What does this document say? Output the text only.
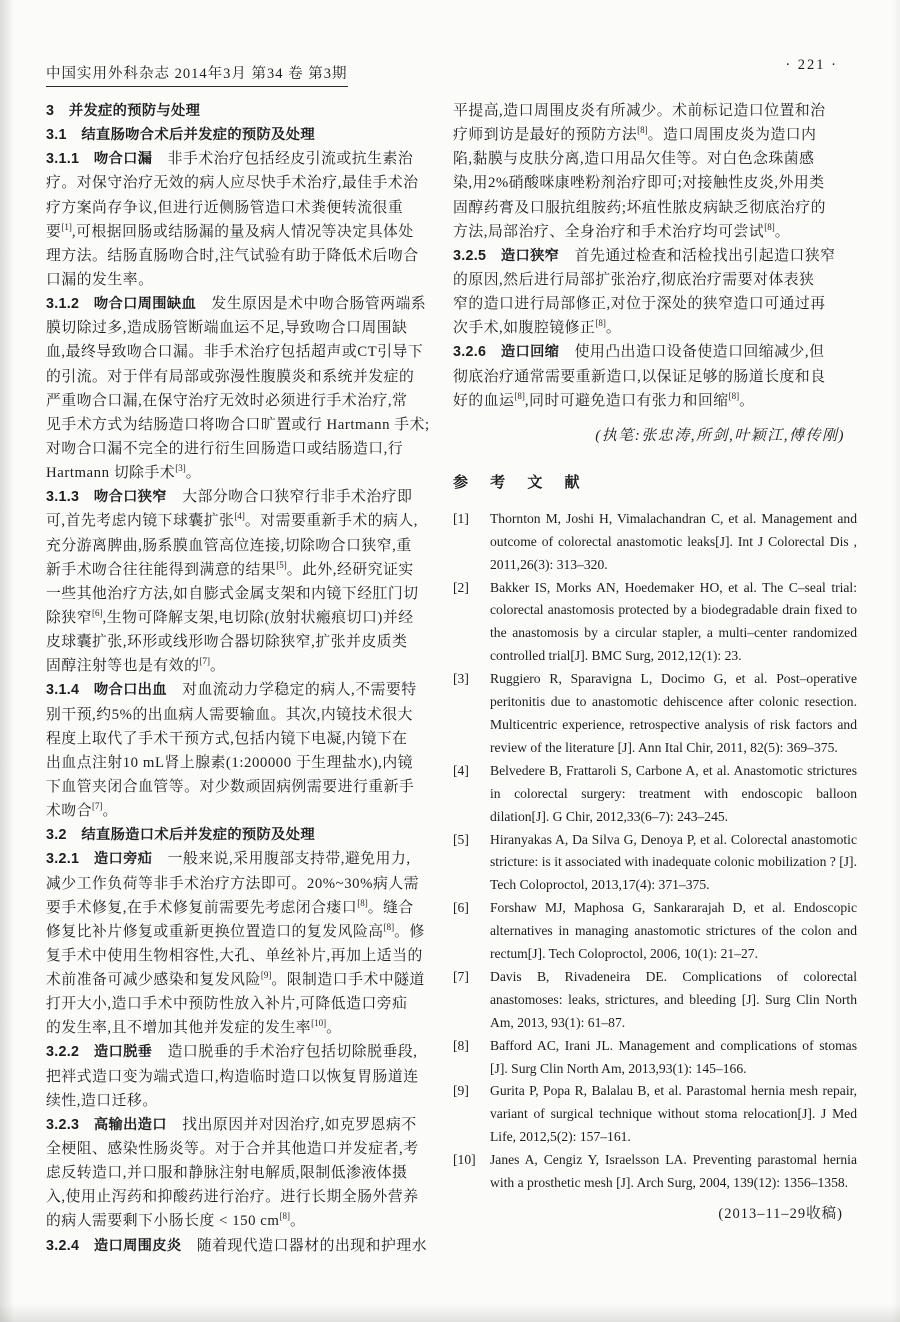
中国实用外科杂志 2014年3月 第34 卷 第3期
· 221 ·
3　并发症的预防与处理
3.1　结直肠吻合术后并发症的预防及处理
3.1.1　吻合口漏　非手术治疗包括经皮引流或抗生素治
疗。对保守治疗无效的病人应尽快手术治疗,最佳手术治
疗方案尚存争议,但进行近侧肠管造口术粪便转流很重
要[1],可根据回肠或结肠漏的量及病人情况等决定具体处
理方法。结肠直肠吻合时,注气试验有助于降低术后吻合
口漏的发生率。
3.1.2　吻合口周围缺血　发生原因是术中吻合肠管两端系
膜切除过多,造成肠管断端血运不足,导致吻合口周围缺
血,最终导致吻合口漏。非手术治疗包括超声或CT引导下
的引流。对于伴有局部或弥漫性腹膜炎和系统并发症的
严重吻合口漏,在保守治疗无效时必须进行手术治疗,常
见手术方式为结肠造口将吻合口旷置或行 Hartmann 手术;
对吻合口漏不完全的进行衍生回肠造口或结肠造口,行
Hartmann 切除手术[3]。
3.1.3　吻合口狭窄　大部分吻合口狭窄行非手术治疗即
可,首先考虑内镜下球囊扩张[4]。对需要重新手术的病人,
充分游离脾曲,肠系膜血管高位连接,切除吻合口狭窄,重
新手术吻合往往能得到满意的结果[5]。此外,经研究证实
一些其他治疗方法,如自膨式金属支架和内镜下经肛门切
除狭窄[6],生物可降解支架,电切除(放射状瘢痕切口)并经
皮球囊扩张,环形或线形吻合器切除狭窄,扩张并皮质类
固醇注射等也是有效的[7]。
3.1.4　吻合口出血　对血流动力学稳定的病人,不需要特
别干预,约5%的出血病人需要输血。其次,内镜技术很大
程度上取代了手术干预方式,包括内镜下电凝,内镜下在
出血点注射10 mL肾上腺素(1:200000 于生理盐水),内镜
下血管夹闭合血管等。对少数顽固病例需要进行重新手
术吻合[7]。
3.2　结直肠造口术后并发症的预防及处理
3.2.1　造口旁疝　一般来说,采用腹部支持带,避免用力,
减少工作负荷等非手术治疗方法即可。20%~30%病人需
要手术修复,在手术修复前需要先考虑闭合瘘口[8]。缝合
修复比补片修复或重新更换位置造口的复发风险高[8]。修
复手术中使用生物相容性,大孔、单丝补片,再加上适当的
术前准备可减少感染和复发风险[9]。限制造口手术中隧道
打开大小,造口手术中预防性放入补片,可降低造口旁疝
的发生率,且不增加其他并发症的发生率[10]。
3.2.2　造口脱垂　造口脱垂的手术治疗包括切除脱垂段,
把袢式造口变为端式造口,构造临时造口以恢复胃肠道连
续性,造口迁移。
3.2.3　高输出造口　找出原因并对因治疗,如克罗恩病不
全梗阻、感染性肠炎等。对于合并其他造口并发症者,考
虑反转造口,并口服和静脉注射电解质,限制低渗液体摄
入,使用止泻药和抑酸药进行治疗。进行长期全肠外营养
的病人需要剩下小肠长度 < 150 cm[8]。
3.2.4　造口周围皮炎　随着现代造口器材的出现和护理水
平提高,造口周围皮炎有所减少。术前标记造口位置和治
疗师到访是最好的预防方法[8]。造口周围皮炎为造口内
陷,黏膜与皮肤分离,造口用品欠佳等。对白色念珠菌感
染,用2%硝酸咪康唑粉剂治疗即可;对接触性皮炎,外用类
固醇药膏及口服抗组胺药;坏疽性脓皮病缺乏彻底治疗的
方法,局部治疗、全身治疗和手术治疗均可尝试[8]。
3.2.5　造口狭窄　首先通过检查和活检找出引起造口狭窄
的原因,然后进行局部扩张治疗,彻底治疗需要对体表狭
窄的造口进行局部修正,对位于深处的狭窄造口可通过再
次手术,如腹腔镜修正[8]。
3.2.6　造口回缩　使用凸出造口设备使造口回缩减少,但
彻底治疗通常需要重新造口,以保证足够的肠道长度和良
好的血运[8],同时可避免造口有张力和回缩[8]。
(执笔:张忠涛,所剑,叶颖江,傅传刚)
参 考 文 献
[1]	Thornton M, Joshi H, Vimalachandran C, et al. Management and outcome of colorectal anastomotic leaks[J]. Int J Colorectal Dis , 2011,26(3): 313–320.
[2]	Bakker IS, Morks AN, Hoedemaker HO, et al. The C–seal trial: colorectal anastomosis protected by a biodegradable drain fixed to the anastomosis by a circular stapler, a multi–center randomized controlled trial[J]. BMC Surg, 2012,12(1): 23.
[3]	Ruggiero R, Sparavigna L, Docimo G, et al. Post–operative peritonitis due to anastomotic dehiscence after colonic resection. Multicentric experience, retrospective analysis of risk factors and review of the literature [J]. Ann Ital Chir, 2011, 82(5): 369–375.
[4]	Belvedere B, Frattaroli S, Carbone A, et al. Anastomotic strictures in colorectal surgery: treatment with endoscopic balloon dilation[J]. G Chir, 2012,33(6–7): 243–245.
[5]	Hiranyakas A, Da Silva G, Denoya P, et al. Colorectal anastomotic stricture: is it associated with inadequate colonic mobilization ? [J]. Tech Coloproctol, 2013,17(4): 371–375.
[6]	Forshaw MJ, Maphosa G, Sankararajah D, et al. Endoscopic alternatives in managing anastomotic strictures of the colon and rectum[J]. Tech Coloproctol, 2006, 10(1): 21–27.
[7]	Davis B, Rivadeneira DE. Complications of colorectal anastomoses: leaks, strictures, and bleeding [J]. Surg Clin North Am, 2013, 93(1): 61–87.
[8]	Bafford AC, Irani JL. Management and complications of stomas [J]. Surg Clin North Am, 2013,93(1): 145–166.
[9]	Gurita P, Popa R, Balalau B, et al. Parastomal hernia mesh repair, variant of surgical technique without stoma relocation[J]. J Med Life, 2012,5(2): 157–161.
[10]	Janes A, Cengiz Y, Israelsson LA. Preventing parastomal hernia with a prosthetic mesh [J]. Arch Surg, 2004, 139(12): 1356–1358.
(2013–11–29收稿)
